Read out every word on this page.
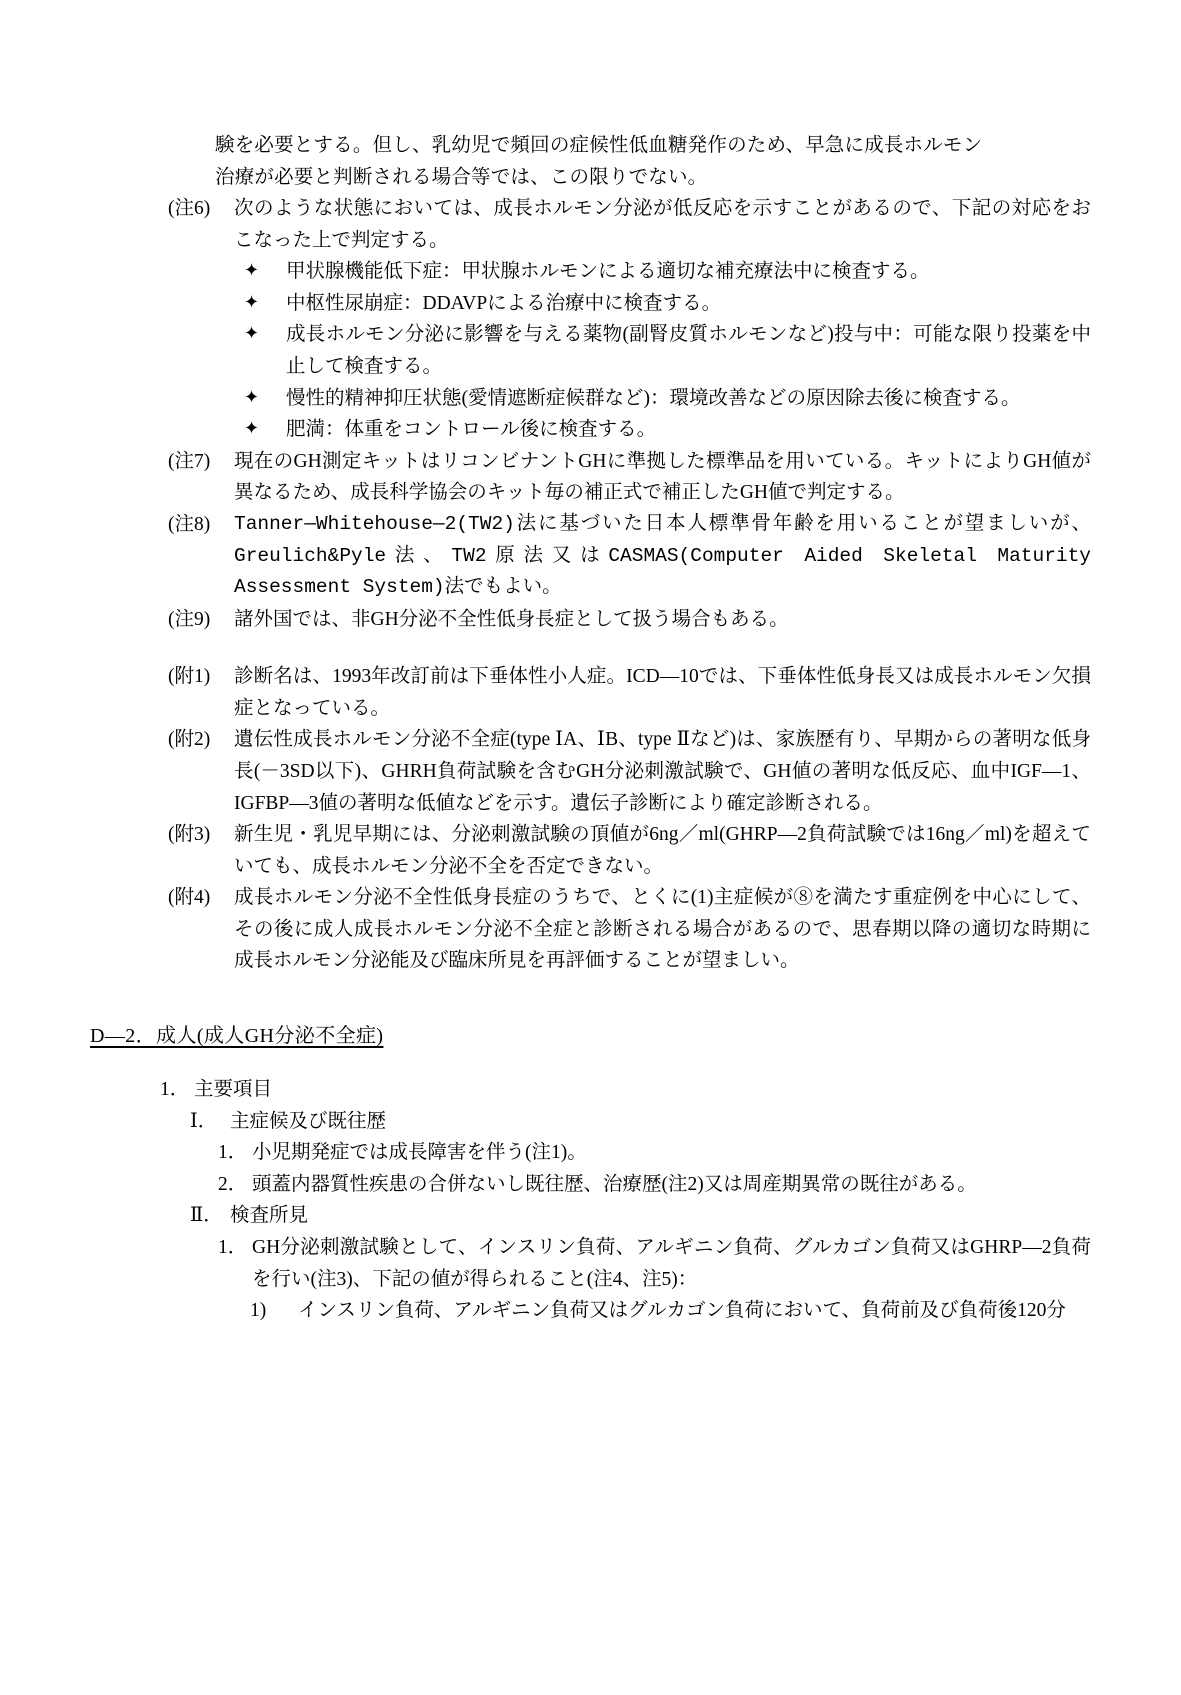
験を必要とする。但し、乳幼児で頻回の症候性低血糖発作のため、早急に成長ホルモン
治療が必要と判断される場合等では、この限りでない。
(注6)	次のような状態においては、成長ホルモン分泌が低反応を示すことがあるので、下記の対応をおこなった上で判定する。
✦ 甲状腺機能低下症：甲状腺ホルモンによる適切な補充療法中に検査する。
✦ 中枢性尿崩症：DDAVPによる治療中に検査する。
✦ 成長ホルモン分泌に影響を与える薬物(副腎皮質ホルモンなど)投与中：可能な限り投薬を中止して検査する。
✦ 慢性的精神抑圧状態(愛情遮断症候群など)：環境改善などの原因除去後に検査する。
✦ 肥満：体重をコントロール後に検査する。
(注7)	現在のGH測定キットはリコンビナントGHに準拠した標準品を用いている。キットによりGH値が異なるため、成長科学協会のキット毎の補正式で補正したGH値で判定する。
(注8)	Tanner―Whitehouse―2(TW2)法に基づいた日本人標準骨年齢を用いることが望ましいが、Greulich&Pyle法、TW2原法又はCASMAS(Computer Aided Skeletal Maturity Assessment System)法でもよい。
(注9)	諸外国では、非GH分泌不全性低身長症として扱う場合もある。
(附1)	診断名は、1993年改訂前は下垂体性小人症。ICD―10では、下垂体性低身長又は成長ホルモン欠損症となっている。
(附2)	遺伝性成長ホルモン分泌不全症(type ⅠA、ⅠB、type Ⅱなど)は、家族歴有り、早期からの著明な低身長(－3SD以下)、GHRH負荷試験を含むGH分泌刺激試験で、GH値の著明な低反応、血中IGF―1、IGFBP―3値の著明な低値などを示す。遺伝子診断により確定診断される。
(附3)	新生児・乳児早期には、分泌刺激試験の頂値が6ng／ml(GHRP―2負荷試験では16ng／ml)を超えていても、成長ホルモン分泌不全を否定できない。
(附4)	成長ホルモン分泌不全性低身長症のうちで、とくに(1)主症候が⑧を満たす重症例を中心にして、その後に成人成長ホルモン分泌不全症と診断される場合があるので、思春期以降の適切な時期に成長ホルモン分泌能及び臨床所見を再評価することが望ましい。
D―2．成人(成人GH分泌不全症)
1． 主要項目
Ⅰ． 主症候及び既往歴
1． 小児期発症では成長障害を伴う(注1)。
2． 頭蓋内器質性疾患の合併ないし既往歴、治療歴(注2)又は周産期異常の既往がある。
Ⅱ． 検査所見
1． GH分泌刺激試験として、インスリン負荷、アルギニン負荷、グルカゴン負荷又はGHRP―2負荷を行い(注3)、下記の値が得られること(注4、注5)：
1)	インスリン負荷、アルギニン負荷又はグルカゴン負荷において、負荷前及び負荷後120分
